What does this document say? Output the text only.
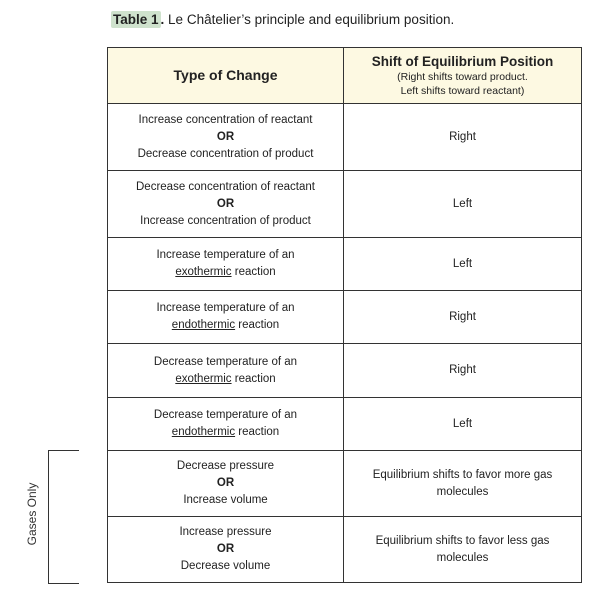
Table 1 . Le Châtelier’s principle and equilibrium position.
Type of Change	Shift of Equilibrium Position
(Right shifts toward product.
Left shifts toward reactant)

Increase concentration of reactant
OR
Decrease concentration of product	Right

Decrease concentration of reactant
OR
Increase concentration of product	Left

Increase temperature of an
exothermic reaction	Left

Increase temperature of an
endothermic reaction	Right

Decrease temperature of an
exothermic reaction	Right

Decrease temperature of an
endothermic reaction	Left

Decrease pressure
OR
Increase volume	Equilibrium shifts to favor more gas molecules

Increase pressure
OR
Decrease volume	Equilibrium shifts to favor less gas molecules
Gases Only
